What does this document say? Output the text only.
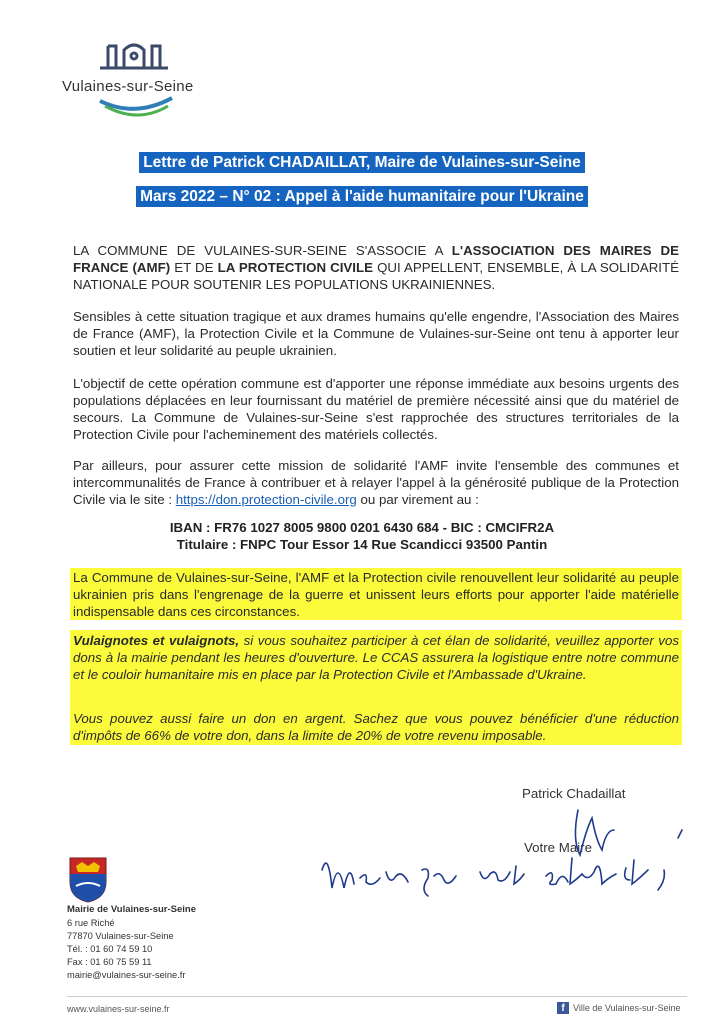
Vulaines-sur-Seine
Lettre de Patrick CHADAILLAT, Maire de Vulaines-sur-Seine
Mars 2022 – N° 02 : Appel à l'aide humanitaire pour l'Ukraine
LA COMMUNE DE VULAINES-SUR-SEINE S'ASSOCIE A L'ASSOCIATION DES MAIRES DE FRANCE (AMF) ET DE LA PROTECTION CIVILE QUI APPELLENT, ENSEMBLE, À LA SOLIDARITÉ NATIONALE POUR SOUTENIR LES POPULATIONS UKRAINIENNES.
Sensibles à cette situation tragique et aux drames humains qu'elle engendre, l'Association des Maires de France (AMF), la Protection Civile et la Commune de Vulaines-sur-Seine ont tenu à apporter leur soutien et leur solidarité au peuple ukrainien.
L'objectif de cette opération commune est d'apporter une réponse immédiate aux besoins urgents des populations déplacées en leur fournissant du matériel de première nécessité ainsi que du matériel de secours. La Commune de Vulaines-sur-Seine s'est rapprochée des structures territoriales de la Protection Civile pour l'acheminement des matériels collectés.
Par ailleurs, pour assurer cette mission de solidarité l'AMF invite l'ensemble des communes et intercommunalités de France à contribuer et à relayer l'appel à la générosité publique de la Protection Civile via le site : https://don.protection-civile.org ou par virement au :
IBAN : FR76 1027 8005 9800 0201 6430 684 - BIC : CMCIFR2A
Titulaire : FNPC Tour Essor 14 Rue Scandicci 93500 Pantin
La Commune de Vulaines-sur-Seine, l'AMF et la Protection civile renouvellent leur solidarité au peuple ukrainien pris dans l'engrenage de la guerre et unissent leurs efforts pour apporter l'aide matérielle indispensable dans ces circonstances.
Vulaignotes et vulaignots, si vous souhaitez participer à cet élan de solidarité, veuillez apporter vos dons à la mairie pendant les heures d'ouverture. Le CCAS assurera la logistique entre notre commune et le couloir humanitaire mis en place par la Protection Civile et l'Ambassade d'Ukraine.
Vous pouvez aussi faire un don en argent. Sachez que vous pouvez bénéficier d'une réduction d'impôts de 66% de votre don, dans la limite de 20% de votre revenu imposable.
Patrick Chadaillat
Votre Maire
Mairie de Vulaines-sur-Seine
6 rue Riché
77870 Vulaines-sur-Seine
Tél. : 01 60 74 59 10
Fax : 01 60 75 59 11
mairie@vulaines-sur-seine.fr
www.vulaines-sur-seine.fr	f Ville de Vulaines-sur-Seine
